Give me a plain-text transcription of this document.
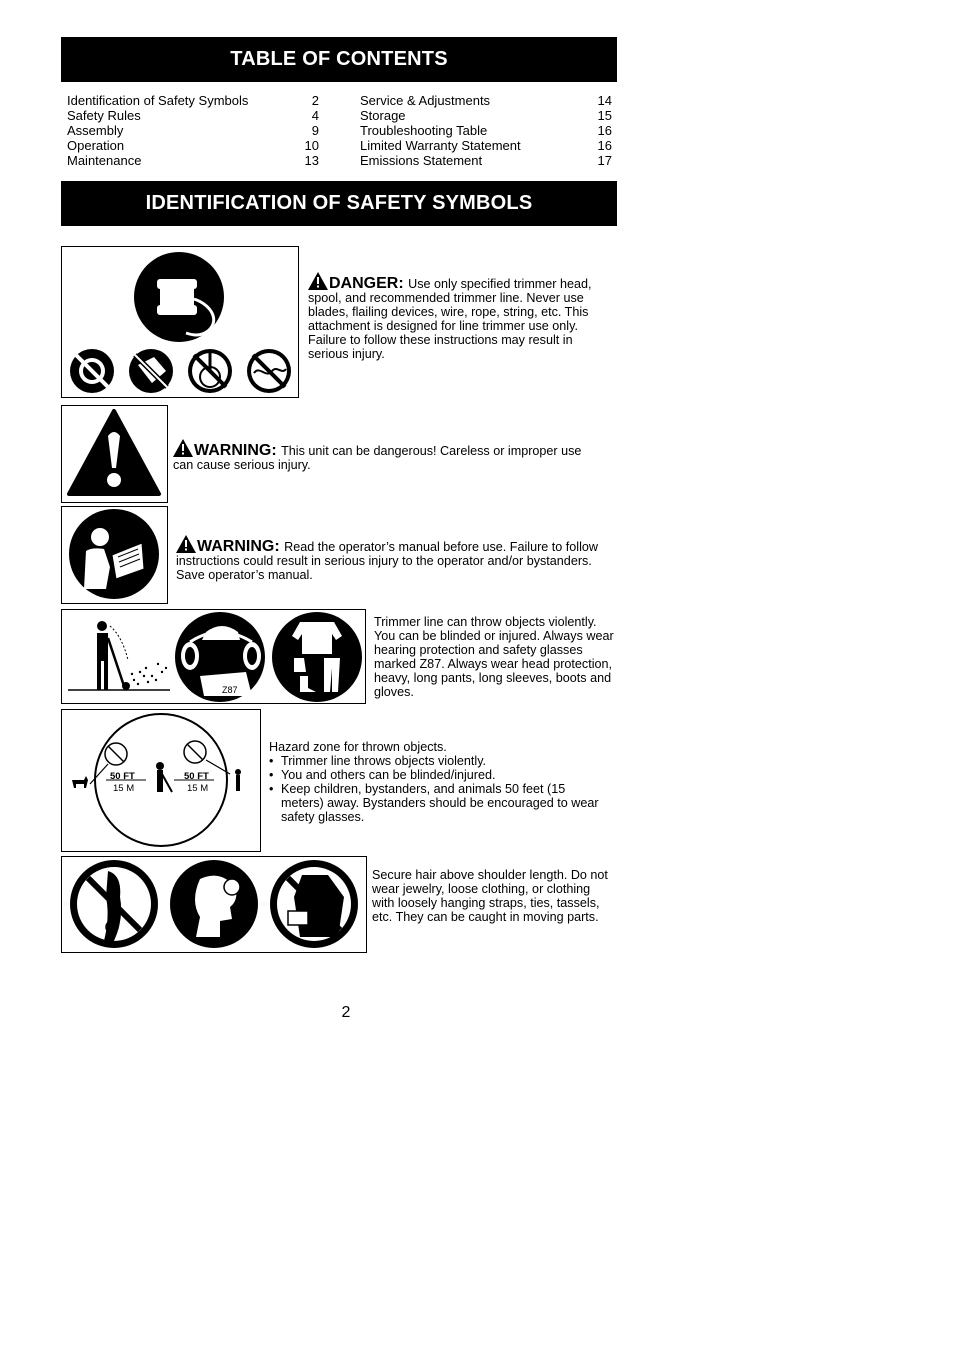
TABLE OF CONTENTS
Identification of Safety Symbols	2
Safety Rules	4
Assembly	9
Operation	10
Maintenance	13
Service & Adjustments	14
Storage	15
Troubleshooting Table	16
Limited Warranty Statement	16
Emissions Statement	17
IDENTIFICATION OF SAFETY SYMBOLS
DANGER: Use only specified trimmer head, spool, and recommended trimmer line. Never use blades, flailing devices, wire, rope, string, etc. This attachment is designed for line trimmer use only. Failure to follow these instructions may result in serious injury.
WARNING: This unit can be dangerous! Careless or improper use can cause serious injury.
WARNING: Read the operator’s manual before use. Failure to follow instructions could result in serious injury to the operator and/or bystanders. Save operator’s manual.
Z87
Trimmer line can throw objects violently. You can be blinded or injured. Always wear hearing protection and safety glasses marked Z87. Always wear head protection, heavy, long pants, long sleeves, boots and gloves.
50 FT
15 M
50 FT
15 M
Hazard zone for thrown objects.
• Trimmer line throws objects violently.
• You and others can be blinded/injured.
• Keep children, bystanders, and animals 50 feet (15 meters) away. Bystanders should be encouraged to wear safety glasses.
Secure hair above shoulder length. Do not wear jewelry, loose clothing, or clothing with loosely hanging straps, ties, tassels, etc. They can be caught in moving parts.
2
